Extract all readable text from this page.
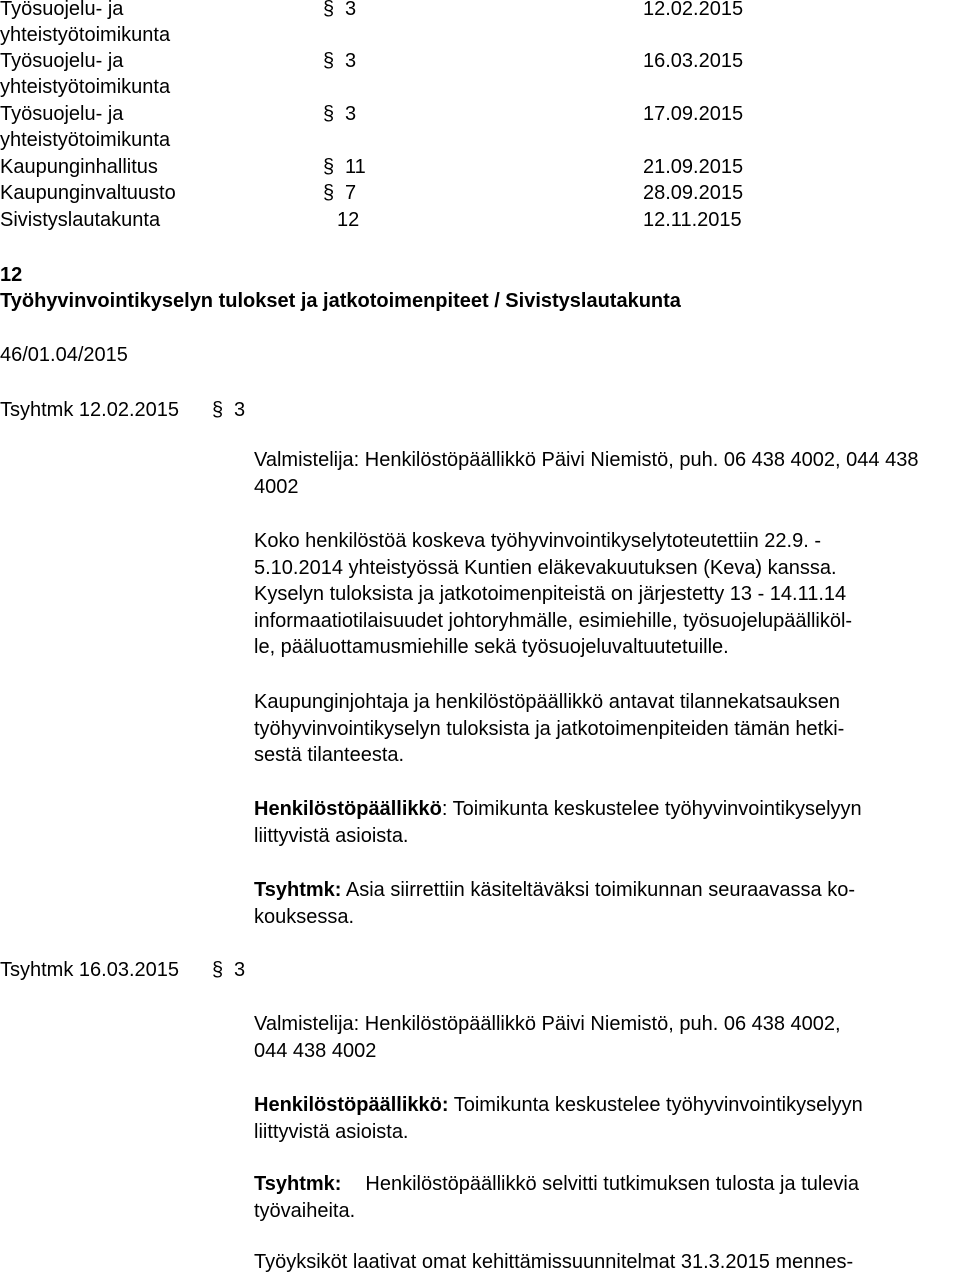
Työsuojelu- ja
yhteistyötoimikunta
§ 3	12.02.2015
Työsuojelu- ja
yhteistyötoimikunta
§ 3	16.03.2015
Työsuojelu- ja
yhteistyötoimikunta
§ 3	17.09.2015
Kaupunginhallitus	§ 11	21.09.2015
Kaupunginvaltuusto	§ 7	28.09.2015
Sivistyslautakunta	12	12.11.2015
12
Työhyvinvointikyselyn tulokset ja jatkotoimenpiteet / Sivistyslautakunta
46/01.04/2015
Tsyhtmk 12.02.2015 § 3
Valmistelija: Henkilöstöpäällikkö Päivi Niemistö, puh. 06 438 4002, 044 438
4002
Koko henkilöstöä koskeva työhyvinvointikyselytoteutettiin 22.9. -
5.10.2014 yhteistyössä Kuntien eläkevakuutuksen (Keva) kanssa.
Kyselyn tuloksista ja jatkotoimenpiteistä on järjestetty 13 - 14.11.14
informaatiotilaisuudet johtoryhmälle, esimiehille, työsuojelupäälliköl-
le, pääluottamusmiehille sekä työsuojeluvaltuutetuille.
Kaupunginjohtaja ja henkilöstöpäällikkö antavat tilannekatsauksen
työhyvinvointikyselyn tuloksista ja jatkotoimenpiteiden tämän hetki-
sestä tilanteesta.
Henkilöstöpäällikkö: Toimikunta keskustelee työhyvinvointikyselyyn
liittyvistä asioista.
Tsyhtmk: Asia siirrettiin käsiteltäväksi toimikunnan seuraavassa ko-
kouksessa.
Tsyhtmk 16.03.2015 § 3
Valmistelija: Henkilöstöpäällikkö Päivi Niemistö, puh. 06 438 4002,
044 438 4002
Henkilöstöpäällikkö: Toimikunta keskustelee työhyvinvointikyselyyn
liittyvistä asioista.
Tsyhtmk: Henkilöstöpäällikkö selvitti tutkimuksen tulosta ja tulevia
työvaiheita.
Työyksiköt laativat omat kehittämissuunnitelmat 31.3.2015 mennes-
